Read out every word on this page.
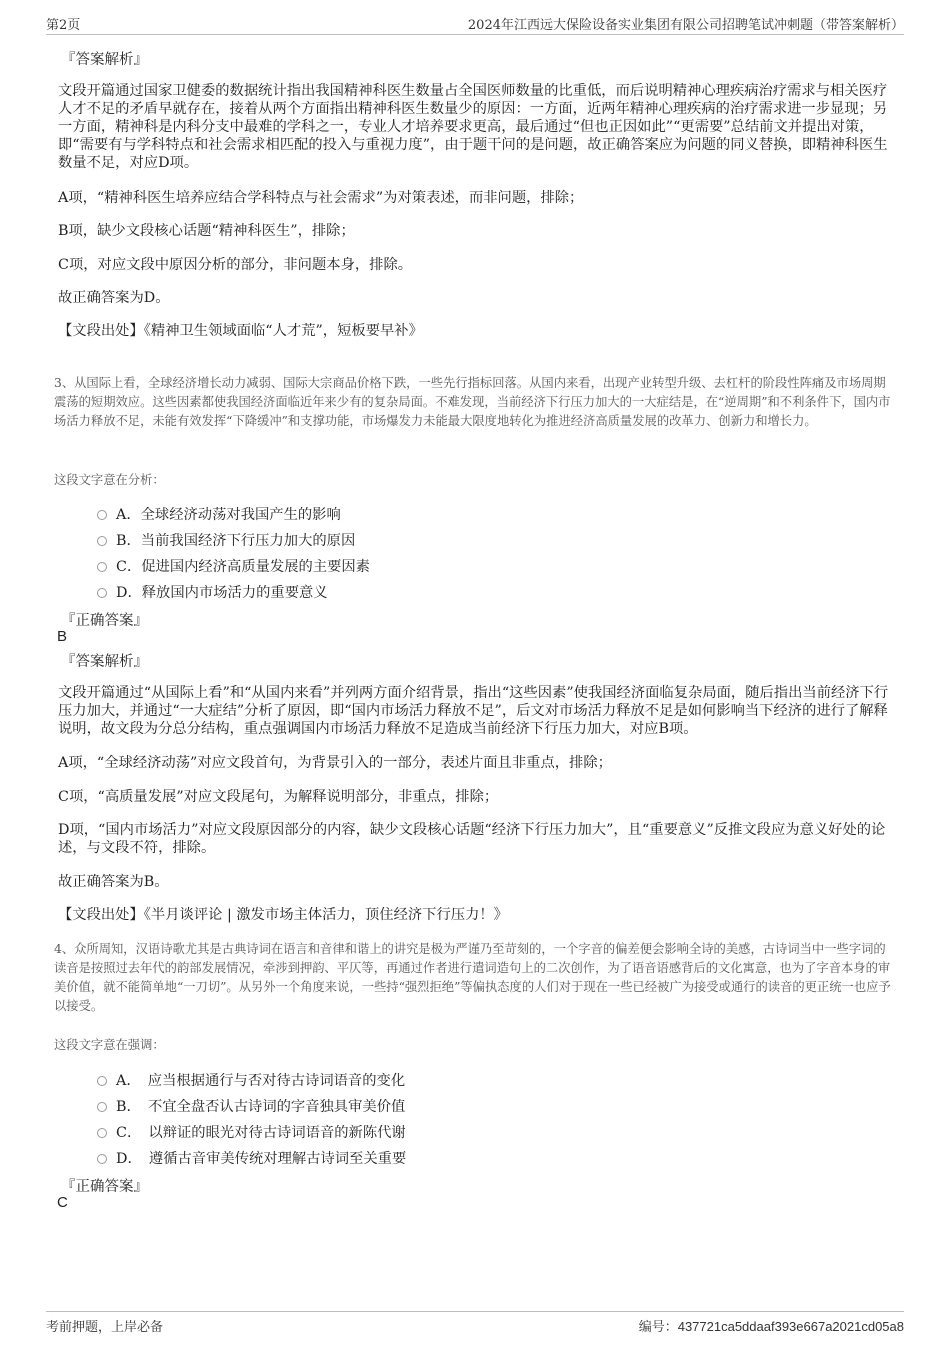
第2页	2024年江西远大保险设备实业集团有限公司招聘笔试冲刺题（带答案解析）
『答案解析』

文段开篇通过国家卫健委的数据统计指出我国精神科医生数量占全国医师数量的比重低，而后说明精神心理疾病治疗需求与相关医疗人才不足的矛盾早就存在，接着从两个方面指出精神科医生数量少的原因：一方面，近两年精神心理疾病的治疗需求进一步显现；另一方面，精神科是内科分支中最难的学科之一，专业人才培养要求更高，最后通过“但也正因如此”“更需要”总结前文并提出对策，即“需要有与学科特点和社会需求相匹配的投入与重视力度”，由于题干问的是问题，故正确答案应为问题的同义替换，即精神科医生数量不足，对应D项。

A项，“精神科医生培养应结合学科特点与社会需求”为对策表述，而非问题，排除；

B项，缺少文段核心话题“精神科医生”，排除；

C项，对应文段中原因分析的部分，非问题本身，排除。

故正确答案为D。

【文段出处】《精神卫生领域面临“人才荒”，短板要早补》

3、从国际上看，全球经济增长动力减弱、国际大宗商品价格下跌，一些先行指标回落。从国内来看，出现产业转型升级、去杠杆的阶段性阵痛及市场周期震荡的短期效应。这些因素都使我国经济面临近年来少有的复杂局面。不难发现，当前经济下行压力加大的一大症结是，在“逆周期”和不利条件下，国内市场活力释放不足，未能有效发挥“下降缓冲”和支撑功能，市场爆发力未能最大限度地转化为推进经济高质量发展的改革力、创新力和增长力。

这段文字意在分析：
A．全球经济动荡对我国产生的影响
B．当前我国经济下行压力加大的原因
C．促进国内经济高质量发展的主要因素
D．释放国内市场活力的重要意义
『正确答案』
B
『答案解析』

文段开篇通过“从国际上看”和“从国内来看”并列两方面介绍背景，指出“这些因素”使我国经济面临复杂局面，随后指出当前经济下行压力加大，并通过“一大症结”分析了原因，即“国内市场活力释放不足”，后文对市场活力释放不足是如何影响当下经济的进行了解释说明，故文段为分总分结构，重点强调国内市场活力释放不足造成当前经济下行压力加大，对应B项。

A项，“全球经济动荡”对应文段首句，为背景引入的一部分，表述片面且非重点，排除；

C项，“高质量发展”对应文段尾句，为解释说明部分，非重点，排除；

D项，“国内市场活力”对应文段原因部分的内容，缺少文段核心话题“经济下行压力加大”，且“重要意义”反推文段应为意义好处的论述，与文段不符，排除。

故正确答案为B。

【文段出处】《半月谈评论 | 激发市场主体活力，顶住经济下行压力！》

4、众所周知，汉语诗歌尤其是古典诗词在语言和音律和谐上的讲究是极为严谨乃至苛刻的，一个字音的偏差便会影响全诗的美感，古诗词当中一些字词的读音是按照过去年代的韵部发展情况，牵涉到押韵、平仄等，再通过作者进行遣词造句上的二次创作，为了语音语感背后的文化寓意，也为了字音本身的审美价值，就不能简单地“一刀切”。从另外一个角度来说，一些持“强烈拒绝”等偏执态度的人们对于现在一些已经被广为接受或通行的读音的更正统一也应予以接受。

这段文字意在强调：
A．　应当根据通行与否对待古诗词语音的变化
B．　不宜全盘否认古诗词的字音独具审美价值
C．　以辩证的眼光对待古诗词语音的新陈代谢
D．　遵循古音审美传统对理解古诗词至关重要
『正确答案』
C
考前押题，上岸必备	编号：437721ca5ddaaf393e667a2021cd05a8
